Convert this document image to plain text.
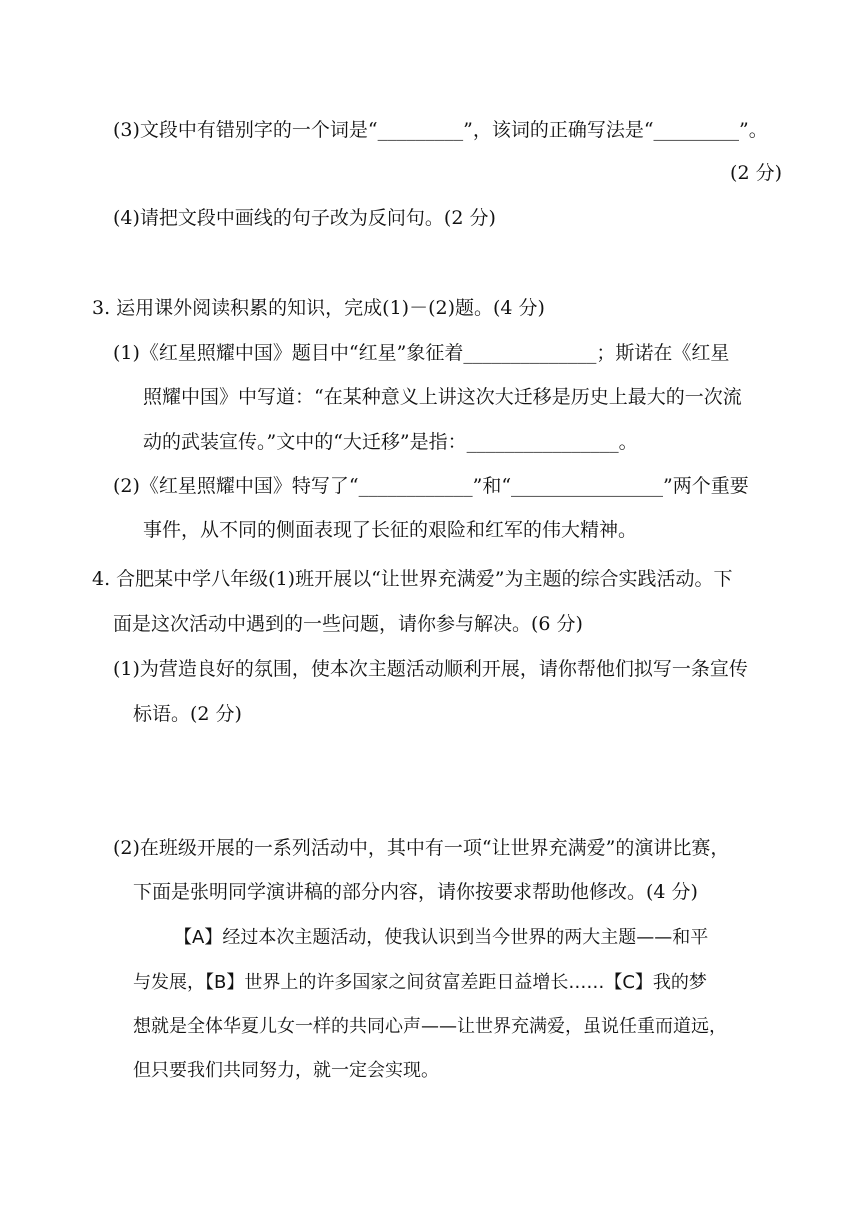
(3)文段中有错别字的一个词是“_________”，该词的正确写法是“_________”。
(2 分)
(4)请把文段中画线的句子改为反问句。(2 分)
3. 运用课外阅读积累的知识，完成(1)－(2)题。(4 分)
(1)《红星照耀中国》题目中“红星”象征着______________；斯诺在《红星
照耀中国》中写道：“在某种意义上讲这次大迁移是历史上最大的一次流
动的武装宣传。”文中的“大迁移”是指：________________。
(2)《红星照耀中国》特写了“____________”和“________________”两个重要
事件，从不同的侧面表现了长征的艰险和红军的伟大精神。
4. 合肥某中学八年级(1)班开展以“让世界充满爱”为主题的综合实践活动。下
面是这次活动中遇到的一些问题，请你参与解决。(6 分)
(1)为营造良好的氛围，使本次主题活动顺利开展，请你帮他们拟写一条宣传
标语。(2 分)
(2)在班级开展的一系列活动中，其中有一项“让世界充满爱”的演讲比赛，
下面是张明同学演讲稿的部分内容，请你按要求帮助他修改。(4 分)
【A】经过本次主题活动，使我认识到当今世界的两大主题——和平
与发展，【B】世界上的许多国家之间贫富差距日益增长……【C】我的梦
想就是全体华夏儿女一样的共同心声——让世界充满爱，虽说任重而道远，
但只要我们共同努力，就一定会实现。
